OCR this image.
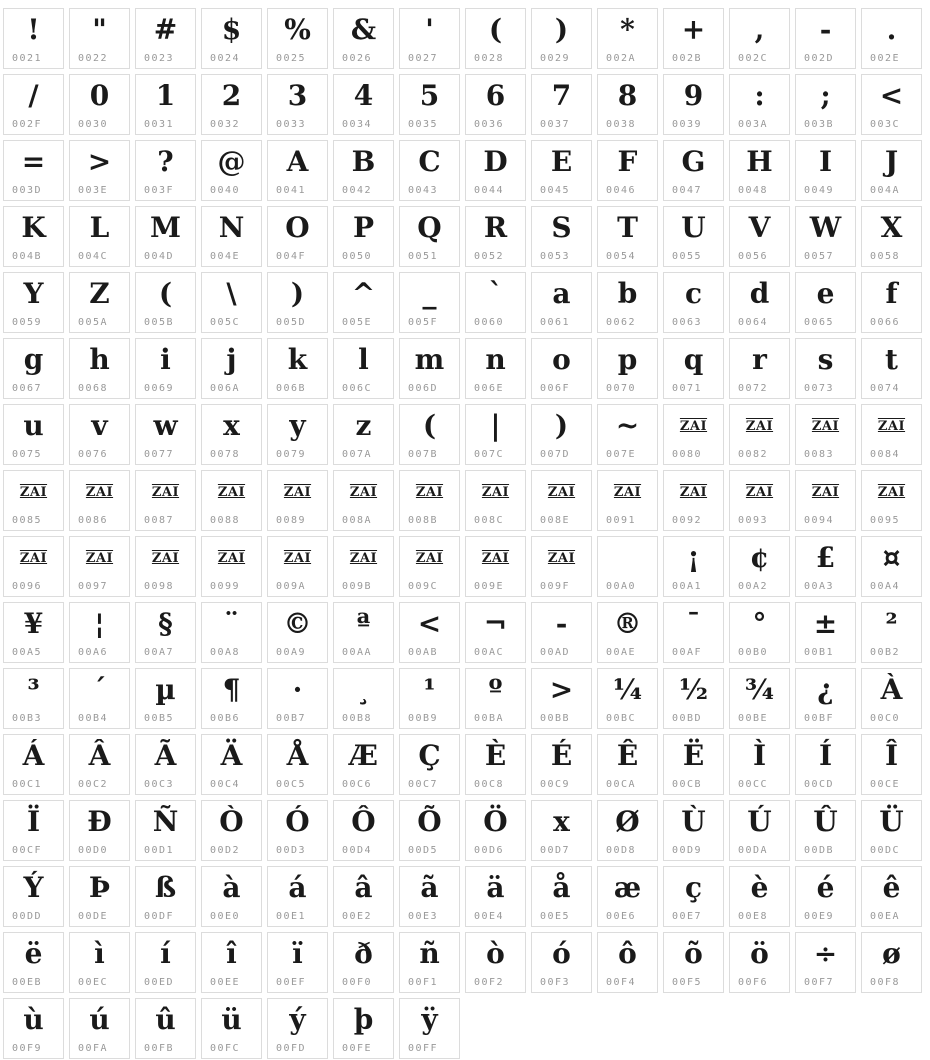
!
0021
"
0022
#
0023
$
0024
%
0025
&
0026
'
0027
(
0028
)
0029
*
002A
+
002B
,
002C
-
002D
.
002E
/
002F
0
0030
1
0031
2
0032
3
0033
4
0034
5
0035
6
0036
7
0037
8
0038
9
0039
:
003A
;
003B
<
003C
=
003D
>
003E
?
003F
@
0040
A
0041
B
0042
C
0043
D
0044
E
0045
F
0046
G
0047
H
0048
I
0049
J
004A
K
004B
L
004C
M
004D
N
004E
O
004F
P
0050
Q
0051
R
0052
S
0053
T
0054
U
0055
V
0056
W
0057
X
0058
Y
0059
Z
005A
(
005B
\
005C
)
005D
^
005E
_
005F
`
0060
a
0061
b
0062
c
0063
d
0064
e
0065
f
0066
g
0067
h
0068
i
0069
j
006A
k
006B
l
006C
m
006D
n
006E
o
006F
p
0070
q
0071
r
0072
s
0073
t
0074
u
0075
v
0076
w
0077
x
0078
y
0079
z
007A
(
007B
|
007C
)
007D
~
007E
ZAI
0080
ZAI
0082
ZAI
0083
ZAI
0084
ZAI
0085
ZAI
0086
ZAI
0087
ZAI
0088
ZAI
0089
ZAI
008A
ZAI
008B
ZAI
008C
ZAI
008E
ZAI
0091
ZAI
0092
ZAI
0093
ZAI
0094
ZAI
0095
ZAI
0096
ZAI
0097
ZAI
0098
ZAI
0099
ZAI
009A
ZAI
009B
ZAI
009C
ZAI
009E
ZAI
009F	00A0
¡
00A1
¢
00A2
£
00A3
¤
00A4
¥
00A5
¦
00A6
§
00A7
¨
00A8
©
00A9
ª
00AA
<
00AB
¬
00AC
-
00AD
®
00AE
¯
00AF
°
00B0
±
00B1
²
00B2
³
00B3
´
00B4
µ
00B5
¶
00B6
·
00B7
¸
00B8
¹
00B9
º
00BA
>
00BB
¼
00BC
½
00BD
¾
00BE
¿
00BF
À
00C0
Á
00C1
Â
00C2
Ã
00C3
Ä
00C4
Å
00C5
Æ
00C6
Ç
00C7
È
00C8
É
00C9
Ê
00CA
Ë
00CB
Ì
00CC
Í
00CD
Î
00CE
Ï
00CF
Ð
00D0
Ñ
00D1
Ò
00D2
Ó
00D3
Ô
00D4
Õ
00D5
Ö
00D6
x
00D7
Ø
00D8
Ù
00D9
Ú
00DA
Û
00DB
Ü
00DC
Ý
00DD
Þ
00DE
ß
00DF
à
00E0
á
00E1
â
00E2
ã
00E3
ä
00E4
å
00E5
æ
00E6
ç
00E7
è
00E8
é
00E9
ê
00EA
ë
00EB
ì
00EC
í
00ED
î
00EE
ï
00EF
ð
00F0
ñ
00F1
ò
00F2
ó
00F3
ô
00F4
õ
00F5
ö
00F6
÷
00F7
ø
00F8
ù
00F9
ú
00FA
û
00FB
ü
00FC
ý
00FD
þ
00FE
ÿ
00FF
